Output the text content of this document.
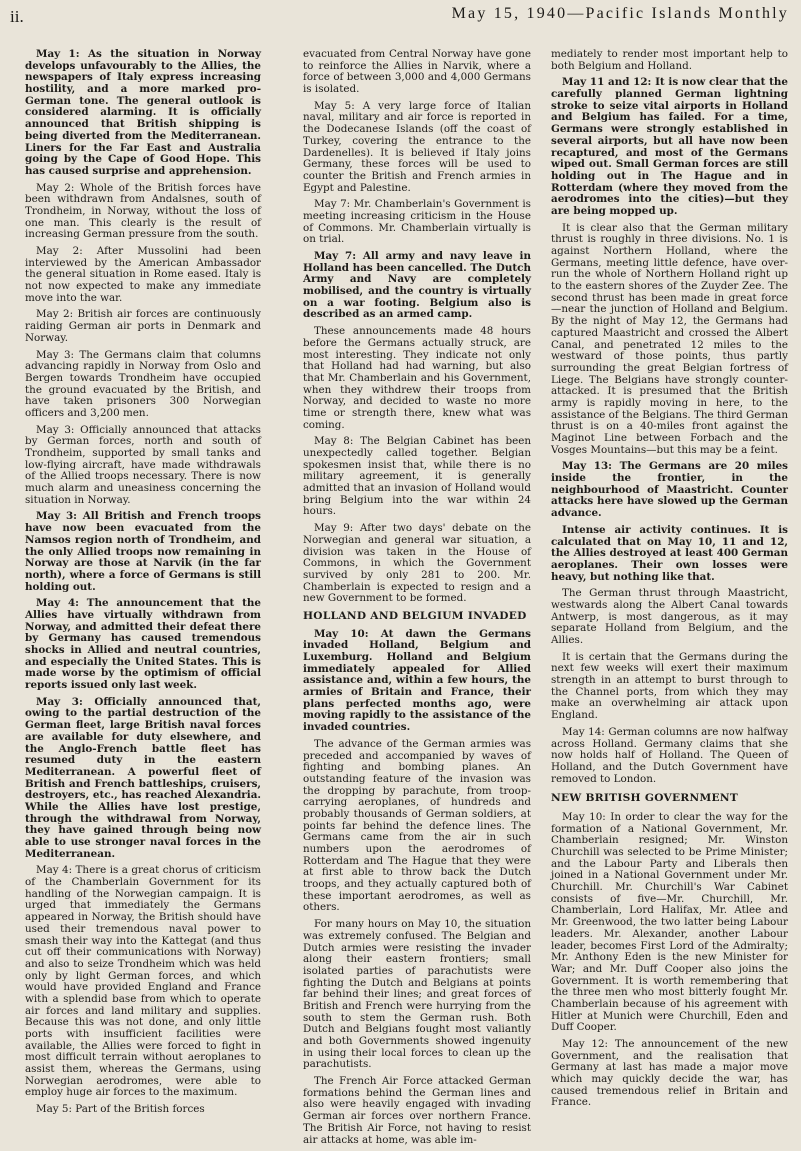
ii.	May 15, 1940—Pacific Islands Monthly

May 1: As the situation in Norway develops unfavourably to the Allies, the newspapers of Italy express increasing hostility, and a more marked pro-German tone. The general outlook is considered alarming. It is officially announced that British shipping is being diverted from the Mediterranean. Liners for the Far East and Australia going by the Cape of Good Hope. This has caused surprise and apprehension.

May 2: Whole of the British forces have been withdrawn from Andalsnes, south of Trondheim, in Norway, without the loss of one man. This clearly is the result of increasing German pressure from the south.

May 2: After Mussolini had been interviewed by the American Ambassador the general situation in Rome eased. Italy is not now expected to make any immediate move into the war.

May 2: British air forces are continuously raiding German air ports in Denmark and Norway.

May 3: The Germans claim that columns advancing rapidly in Norway from Oslo and Bergen towards Trondheim have occupied the ground evacuated by the British, and have taken prisoners 300 Norwegian officers and 3,200 men.

May 3: Officially announced that attacks by German forces, north and south of Trondheim, supported by small tanks and low-flying aircraft, have made withdrawals of the Allied troops necessary. There is now much alarm and uneasiness concerning the situation in Norway.

May 3: All British and French troops have now been evacuated from the Namsos region north of Trondheim, and the only Allied troops now remaining in Norway are those at Narvik (in the far north), where a force of Germans is still holding out.

May 4: The announcement that the Allies have virtually withdrawn from Norway, and admitted their defeat there by Germany has caused tremendous shocks in Allied and neutral countries, and especially the United States. This is made worse by the optimism of official reports issued only last week.

May 3: Officially announced that, owing to the partial destruction of the German fleet, large British naval forces are available for duty elsewhere, and the Anglo-French battle fleet has resumed duty in the eastern Mediterranean. A powerful fleet of British and French battleships, cruisers, destroyers, etc., has reached Alexandria. While the Allies have lost prestige, through the withdrawal from Norway, they have gained through being now able to use stronger naval forces in the Mediterranean.

May 4: There is a great chorus of criticism of the Chamberlain Government for its handling of the Norwegian campaign. It is urged that immediately the Germans appeared in Norway, the British should have used their tremendous naval power to smash their way into the Kattegat (and thus cut off their communications with Norway) and also to seize Trondheim which was held only by light German forces, and which would have provided England and France with a splendid base from which to operate air forces and land military and supplies. Because this was not done, and only little ports with insufficient facilities were available, the Allies were forced to fight in most difficult terrain without aeroplanes to assist them, whereas the Germans, using Norwegian aerodromes, were able to employ huge air forces to the maximum.

May 5: Part of the British forces

evacuated from Central Norway have gone to reinforce the Allies in Narvik, where a force of between 3,000 and 4,000 Germans is isolated.

May 5: A very large force of Italian naval, military and air force is reported in the Dodecanese Islands (off the coast of Turkey, covering the entrance to the Dardenelles). It is believed if Italy joins Germany, these forces will be used to counter the British and French armies in Egypt and Palestine.

May 7: Mr. Chamberlain's Government is meeting increasing criticism in the House of Commons. Mr. Chamberlain virtually is on trial.

May 7: All army and navy leave in Holland has been cancelled. The Dutch Army and Navy are completely mobilised, and the country is virtually on a war footing. Belgium also is described as an armed camp.

These announcements made 48 hours before the Germans actually struck, are most interesting. They indicate not only that Holland had had warning, but also that Mr. Chamberlain and his Government, when they withdrew their troops from Norway, and decided to waste no more time or strength there, knew what was coming.

May 8: The Belgian Cabinet has been unexpectedly called together. Belgian spokesmen insist that, while there is no military agreement, it is generally admitted that an invasion of Holland would bring Belgium into the war within 24 hours.

May 9: After two days' debate on the Norwegian and general war situation, a division was taken in the House of Commons, in which the Government survived by only 281 to 200. Mr. Chamberlain is expected to resign and a new Government to be formed.

HOLLAND AND BELGIUM INVADED

May 10: At dawn the Germans invaded Holland, Belgium and Luxemburg. Holland and Belgium immediately appealed for Allied assistance and, within a few hours, the armies of Britain and France, their plans perfected months ago, were moving rapidly to the assistance of the invaded countries.

The advance of the German armies was preceded and accompanied by waves of fighting and bombing planes. An outstanding feature of the invasion was the dropping by parachute, from troop-carrying aeroplanes, of hundreds and probably thousands of German soldiers, at points far behind the defence lines. The Germans came from the air in such numbers upon the aerodromes of Rotterdam and The Hague that they were at first able to throw back the Dutch troops, and they actually captured both of these important aerodromes, as well as others.

For many hours on May 10, the situation was extremely confused. The Belgian and Dutch armies were resisting the invader along their eastern frontiers; small isolated parties of parachutists were fighting the Dutch and Belgians at points far behind their lines; and great forces of British and French were hurrying from the south to stem the German rush. Both Dutch and Belgians fought most valiantly and both Governments showed ingenuity in using their local forces to clean up the parachutists.

The French Air Force attacked German formations behind the German lines and also were heavily engaged with invading German air forces over northern France. The British Air Force, not having to resist air attacks at home, was able im-

mediately to render most important help to both Belgium and Holland.

May 11 and 12: It is now clear that the carefully planned German lightning stroke to seize vital airports in Holland and Belgium has failed. For a time, Germans were strongly established in several airports, but all have now been recaptured, and most of the Germans wiped out. Small German forces are still holding out in The Hague and in Rotterdam (where they moved from the aerodromes into the cities)—but they are being mopped up.

It is clear also that the German military thrust is roughly in three divisions. No. 1 is against Northern Holland, where the Germans, meeting little defence, have over-run the whole of Northern Holland right up to the eastern shores of the Zuyder Zee. The second thrust has been made in great force—near the junction of Holland and Belgium. By the night of May 12, the Germans had captured Maastricht and crossed the Albert Canal, and penetrated 12 miles to the westward of those points, thus partly surrounding the great Belgian fortress of Liege. The Belgians have strongly counter-attacked. It is presumed that the British army is rapidly moving in here, to the assistance of the Belgians. The third German thrust is on a 40-miles front against the Maginot Line between Forbach and the Vosges Mountains—but this may be a feint.

May 13: The Germans are 20 miles inside the frontier, in the neighbourhood of Maastricht. Counter attacks here have slowed up the German advance.

Intense air activity continues. It is calculated that on May 10, 11 and 12, the Allies destroyed at least 400 German aeroplanes. Their own losses were heavy, but nothing like that.

The German thrust through Maastricht, westwards along the Albert Canal towards Antwerp, is most dangerous, as it may separate Holland from Belgium, and the Allies.

It is certain that the Germans during the next few weeks will exert their maximum strength in an attempt to burst through to the Channel ports, from which they may make an overwhelming air attack upon England.

May 14: German columns are now halfway across Holland. Germany claims that she now holds half of Holland. The Queen of Holland, and the Dutch Government have removed to London.

NEW BRITISH GOVERNMENT

May 10: In order to clear the way for the formation of a National Government, Mr. Chamberlain resigned; Mr. Winston Churchill was selected to be Prime Minister; and the Labour Party and Liberals then joined in a National Government under Mr. Churchill. Mr. Churchill's War Cabinet consists of five—Mr. Churchill, Mr. Chamberlain, Lord Halifax, Mr. Atlee and Mr. Greenwood, the two latter being Labour leaders. Mr. Alexander, another Labour leader, becomes First Lord of the Admiralty; Mr. Anthony Eden is the new Minister for War; and Mr. Duff Cooper also joins the Government. It is worth remembering that the three men who most bitterly fought Mr. Chamberlain because of his agreement with Hitler at Munich were Churchill, Eden and Duff Cooper.

May 12: The announcement of the new Government, and the realisation that Germany at last has made a major move which may quickly decide the war, has caused tremendous relief in Britain and France.
